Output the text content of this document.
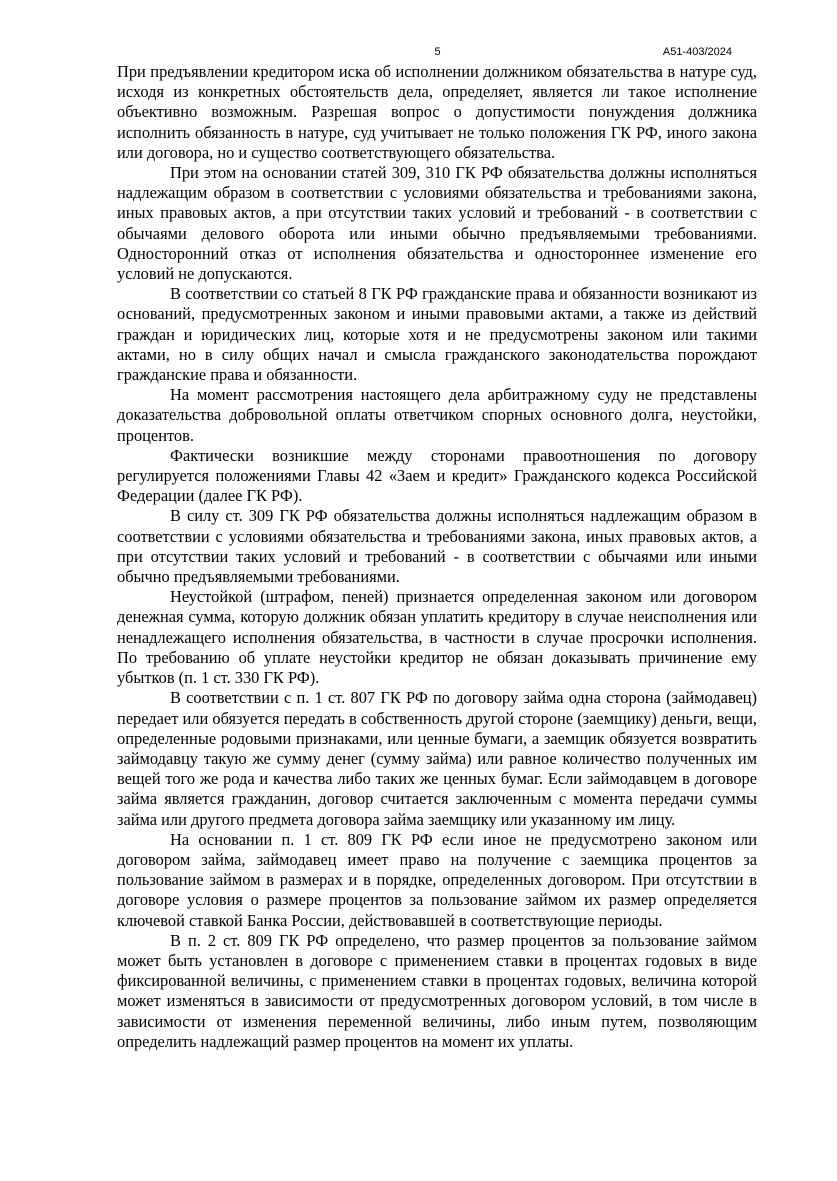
5	А51-403/2024

При предъявлении кредитором иска об исполнении должником обязательства в натуре суд, исходя из конкретных обстоятельств дела, определяет, является ли такое исполнение объективно возможным. Разрешая вопрос о допустимости понуждения должника исполнить обязанность в натуре, суд учитывает не только положения ГК РФ, иного закона или договора, но и существо соответствующего обязательства.

При этом на основании статей 309, 310 ГК РФ обязательства должны исполняться надлежащим образом в соответствии с условиями обязательства и требованиями закона, иных правовых актов, а при отсутствии таких условий и требований - в соответствии с обычаями делового оборота или иными обычно предъявляемыми требованиями. Односторонний отказ от исполнения обязательства и одностороннее изменение его условий не допускаются.

В соответствии со статьей 8 ГК РФ гражданские права и обязанности возникают из оснований, предусмотренных законом и иными правовыми актами, а также из действий граждан и юридических лиц, которые хотя и не предусмотрены законом или такими актами, но в силу общих начал и смысла гражданского законодательства порождают гражданские права и обязанности.

На момент рассмотрения настоящего дела арбитражному суду не представлены доказательства добровольной оплаты ответчиком спорных основного долга, неустойки, процентов.

Фактически возникшие между сторонами правоотношения по договору регулируется положениями Главы 42 «Заем и кредит» Гражданского кодекса Российской Федерации (далее ГК РФ).

В силу ст. 309 ГК РФ обязательства должны исполняться надлежащим образом в соответствии с условиями обязательства и требованиями закона, иных правовых актов, а при отсутствии таких условий и требований - в соответствии с обычаями или иными обычно предъявляемыми требованиями.

Неустойкой (штрафом, пеней) признается определенная законом или договором денежная сумма, которую должник обязан уплатить кредитору в случае неисполнения или ненадлежащего исполнения обязательства, в частности в случае просрочки исполнения. По требованию об уплате неустойки кредитор не обязан доказывать причинение ему убытков (п. 1 ст. 330 ГК РФ).

В соответствии с п. 1 ст. 807 ГК РФ по договору займа одна сторона (займодавец) передает или обязуется передать в собственность другой стороне (заемщику) деньги, вещи, определенные родовыми признаками, или ценные бумаги, а заемщик обязуется возвратить займодавцу такую же сумму денег (сумму займа) или равное количество полученных им вещей того же рода и качества либо таких же ценных бумаг. Если займодавцем в договоре займа является гражданин, договор считается заключенным с момента передачи суммы займа или другого предмета договора займа заемщику или указанному им лицу.

На основании п. 1 ст. 809 ГК РФ если иное не предусмотрено законом или договором займа, займодавец имеет право на получение с заемщика процентов за пользование займом в размерах и в порядке, определенных договором. При отсутствии в договоре условия о размере процентов за пользование займом их размер определяется ключевой ставкой Банка России, действовавшей в соответствующие периоды.

В п. 2 ст. 809 ГК РФ определено, что размер процентов за пользование займом может быть установлен в договоре с применением ставки в процентах годовых в виде фиксированной величины, с применением ставки в процентах годовых, величина которой может изменяться в зависимости от предусмотренных договором условий, в том числе в зависимости от изменения переменной величины, либо иным путем, позволяющим определить надлежащий размер процентов на момент их уплаты.
